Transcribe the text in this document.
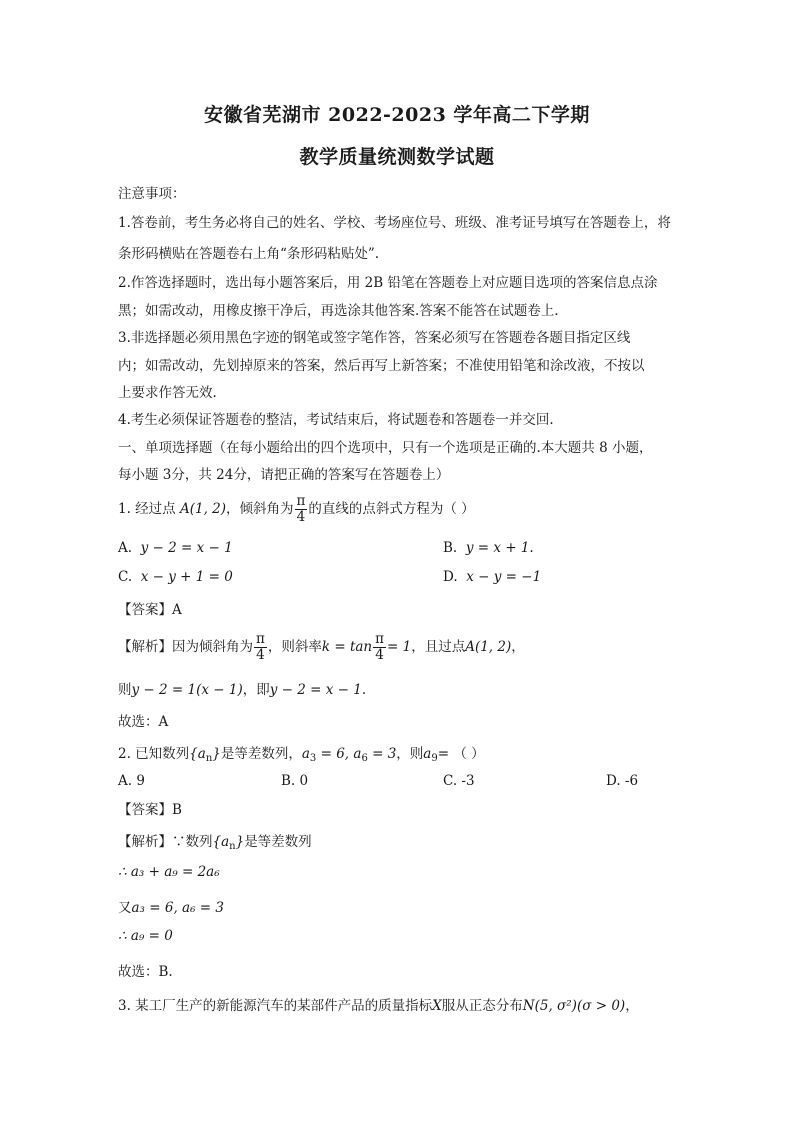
安徽省芜湖市 2022-2023 学年高二下学期
教学质量统测数学试题
注意事项：
1.答卷前，考生务必将自己的姓名、学校、考场座位号、班级、准考证号填写在答题卷上，将
条形码横贴在答题卷右上角“条形码粘贴处”.
2.作答选择题时，选出每小题答案后，用 2B 铅笔在答题卷上对应题目选项的答案信息点涂
黑；如需改动，用橡皮擦干净后，再选涂其他答案.答案不能答在试题卷上.
3.非选择题必须用黑色字迹的钢笔或签字笔作答，答案必须写在答题卷各题目指定区线
内；如需改动，先划掉原来的答案，然后再写上新答案；不准使用铅笔和涂改液，不按以
上要求作答无效.
4.考生必须保证答题卷的整洁，考试结束后，将试题卷和答题卷一并交回.
一、单项选择题（在每小题给出的四个选项中，只有一个选项是正确的.本大题共 8 小题，
每小题 3分，共 24分，请把正确的答案写在答题卷上）
1. 经过点 A(1, 2)，倾斜角为 $\frac{\pi}{4}$ 的直线的点斜式方程为（ ）
A. y − 2 = x − 1	B. y = x + 1.
C. x − y + 1 = 0	D. x − y = −1
【答案】A
【解析】因为倾斜角为 $\frac{\pi}{4}$ ，则斜率$k = \tan \frac{\pi}{4} = 1$，且过点A(1, 2)，
则y − 2 = 1(x − 1)，即y − 2 = x − 1.
故选：A
2. 已知数列$\{a_n\}$是等差数列，$a_3 = 6$, $a_6 = 3$，则$a_9=$ （ ）
A. 9	B. 0	C. -3	D. -6
【答案】B
【解析】∵数列$\{a_n\}$是等差数列
∴ a₃ + a₉ = 2a₆
又a₃ = 6, a₆ = 3
∴ a₉ = 0
故选：B.
3. 某工厂生产的新能源汽车的某部件产品的质量指标X服从正态分布N(5, σ²)(σ > 0)，
